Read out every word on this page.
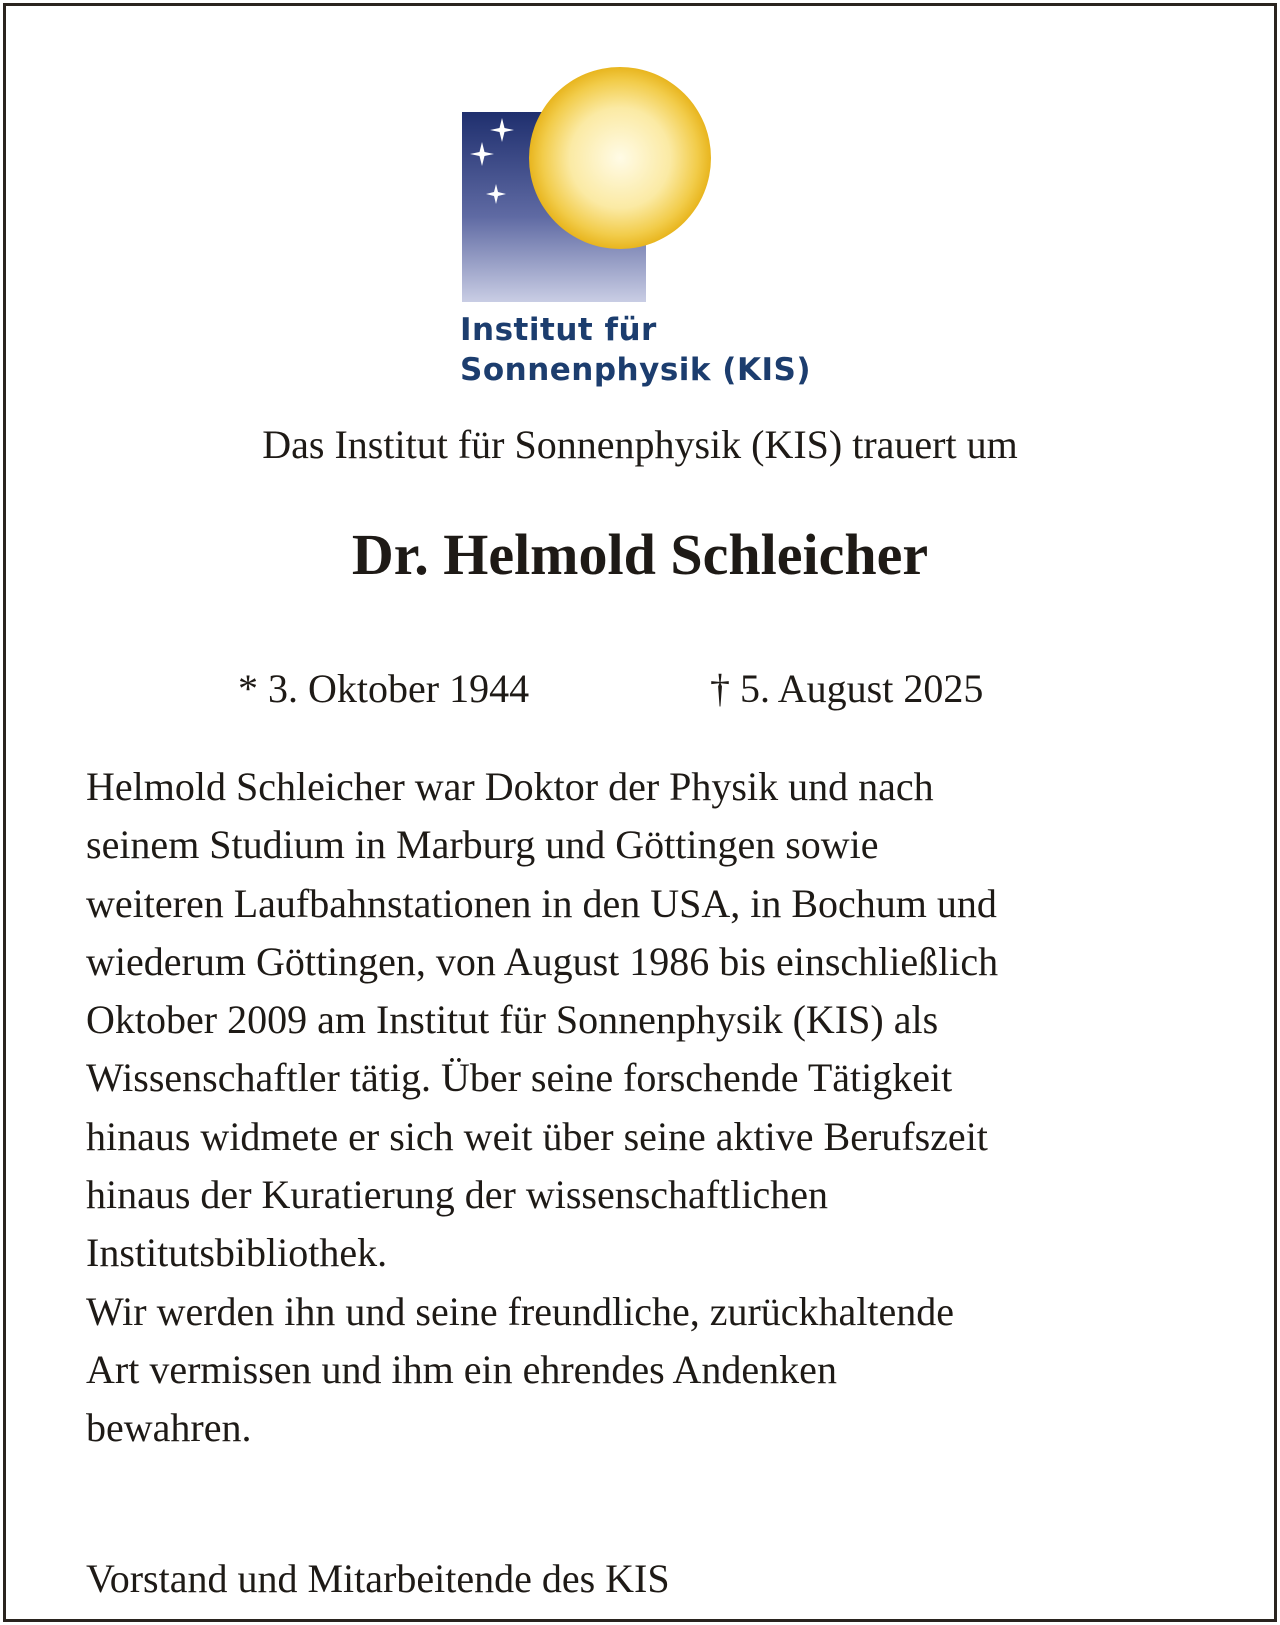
Institut für
Sonnenphysik (KIS)
Das Institut für Sonnenphysik (KIS) trauert um
Dr. Helmold Schleicher
* 3. Oktober 1944	† 5. August 2025
Helmold Schleicher war Doktor der Physik und nach
seinem Studium in Marburg und Göttingen sowie
weiteren Laufbahnstationen in den USA, in Bochum und
wiederum Göttingen, von August 1986 bis einschließlich
Oktober 2009 am Institut für Sonnenphysik (KIS) als
Wissenschaftler tätig. Über seine forschende Tätigkeit
hinaus widmete er sich weit über seine aktive Berufszeit
hinaus der Kuratierung der wissenschaftlichen
Institutsbibliothek.
Wir werden ihn und seine freundliche, zurückhaltende
Art vermissen und ihm ein ehrendes Andenken
bewahren.
Vorstand und Mitarbeitende des KIS
